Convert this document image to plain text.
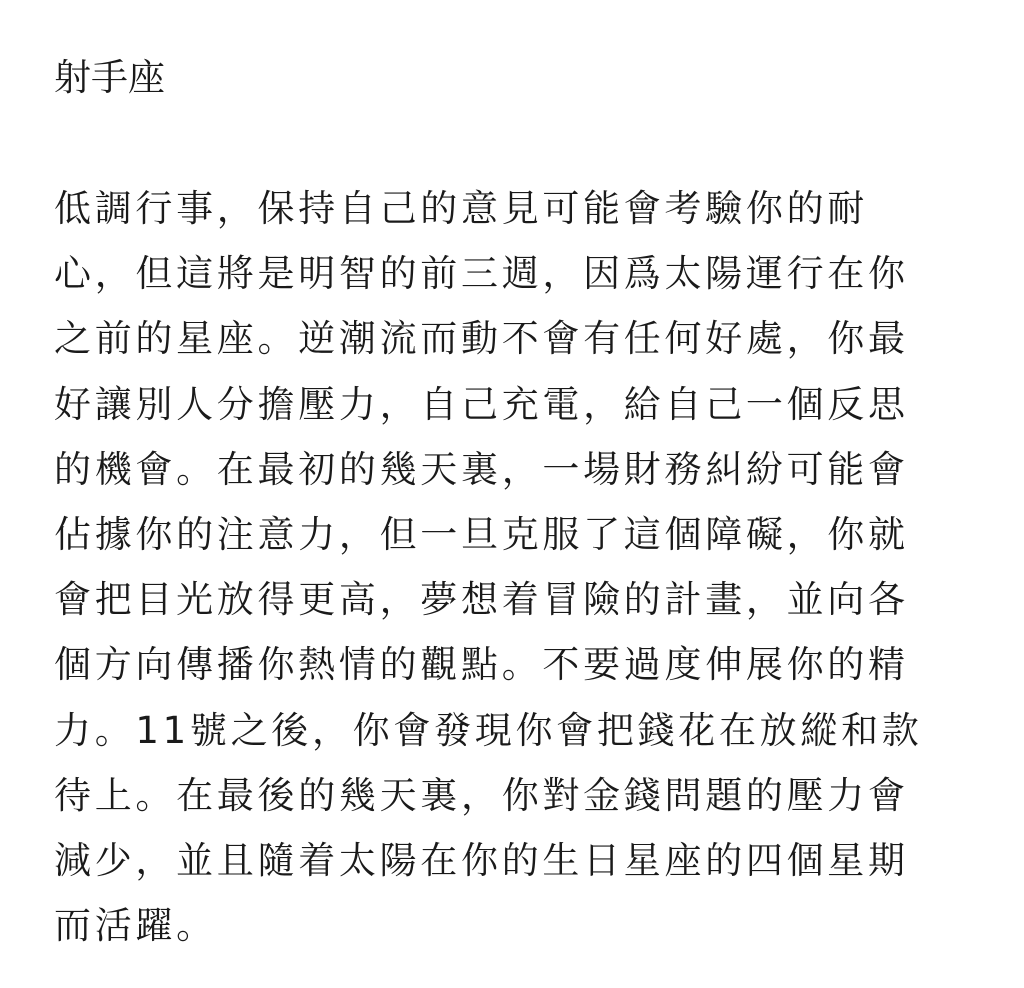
射手座
低調行事，保持自己的意見可能會考驗你的耐
心，但這將是明智的前三週，因爲太陽運行在你
之前的星座。逆潮流而動不會有任何好處，你最
好讓別人分擔壓力，自己充電，給自己一個反思
的機會。在最初的幾天裏，一場財務糾紛可能會
佔據你的注意力，但一旦克服了這個障礙，你就
會把目光放得更高，夢想着冒險的計畫，並向各
個方向傳播你熱情的觀點。不要過度伸展你的精
力。11號之後，你會發現你會把錢花在放縱和款
待上。在最後的幾天裏，你對金錢問題的壓力會
減少，並且隨着太陽在你的生日星座的四個星期
而活躍。
